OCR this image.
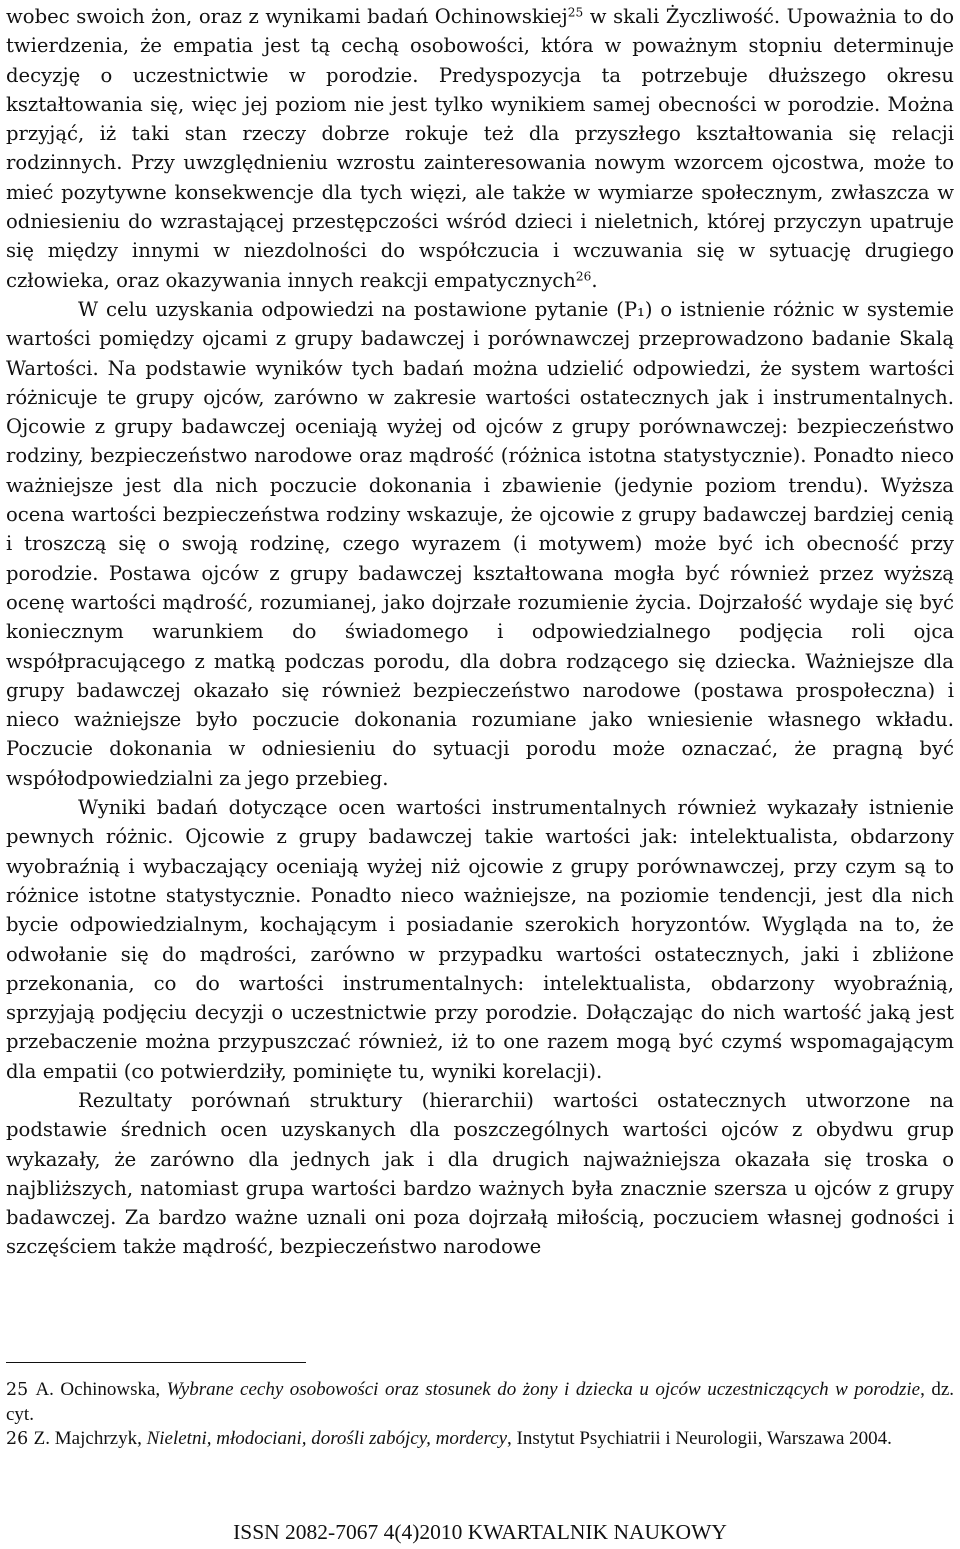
wobec swoich żon, oraz z wynikami badań Ochinowskiej$^{25}$ w skali Życzliwość. Upoważnia to do twierdzenia, że empatia jest tą cechą osobowości, która w poważnym stopniu determinuje decyzję o uczestnictwie w porodzie. Predyspozycja ta potrzebuje dłuższego okresu kształtowania się, więc jej poziom nie jest tylko wynikiem samej obecności w porodzie. Można przyjąć, iż taki stan rzeczy dobrze rokuje też dla przyszłego kształtowania się relacji rodzinnych. Przy uwzględnieniu wzrostu zainteresowania nowym wzorcem ojcostwa, może to mieć pozytywne konsekwencje dla tych więzi, ale także w wymiarze społecznym, zwłaszcza w odniesieniu do wzrastającej przestępczości wśród dzieci i nieletnich, której przyczyn upatruje się między innymi w niezdolności do współczucia i wczuwania się w sytuację drugiego człowieka, oraz okazywania innych reakcji empatycznych$^{26}$.

W celu uzyskania odpowiedzi na postawione pytanie (P₁) o istnienie różnic w systemie wartości pomiędzy ojcami z grupy badawczej i porównawczej przeprowadzono badanie Skalą Wartości. Na podstawie wyników tych badań można udzielić odpowiedzi, że system wartości różnicuje te grupy ojców, zarówno w zakresie wartości ostatecznych jak i instrumentalnych. Ojcowie z grupy badawczej oceniają wyżej od ojców z grupy porównawczej: bezpieczeństwo rodziny, bezpieczeństwo narodowe oraz mądrość (różnica istotna statystycznie). Ponadto nieco ważniejsze jest dla nich poczucie dokonania i zbawienie (jedynie poziom trendu). Wyższa ocena wartości bezpieczeństwa rodziny wskazuje, że ojcowie z grupy badawczej bardziej cenią i troszczą się o swoją rodzinę, czego wyrazem (i motywem) może być ich obecność przy porodzie. Postawa ojców z grupy badawczej kształtowana mogła być również przez wyższą ocenę wartości mądrość, rozumianej, jako dojrzałe rozumienie życia. Dojrzałość wydaje się być koniecznym warunkiem do świadomego i odpowiedzialnego podjęcia roli ojca współpracującego z matką podczas porodu, dla dobra rodzącego się dziecka. Ważniejsze dla grupy badawczej okazało się również bezpieczeństwo narodowe (postawa prospołeczna) i nieco ważniejsze było poczucie dokonania rozumiane jako wniesienie własnego wkładu. Poczucie dokonania w odniesieniu do sytuacji porodu może oznaczać, że pragną być współodpowiedzialni za jego przebieg.

Wyniki badań dotyczące ocen wartości instrumentalnych również wykazały istnienie pewnych różnic. Ojcowie z grupy badawczej takie wartości jak: intelektualista, obdarzony wyobraźnią i wybaczający oceniają wyżej niż ojcowie z grupy porównawczej, przy czym są to różnice istotne statystycznie. Ponadto nieco ważniejsze, na poziomie tendencji, jest dla nich bycie odpowiedzialnym, kochającym i posiadanie szerokich horyzontów. Wygląda na to, że odwołanie się do mądrości, zarówno w przypadku wartości ostatecznych, jaki i zbliżone przekonania, co do wartości instrumentalnych: intelektualista, obdarzony wyobraźnią, sprzyjają podjęciu decyzji o uczestnictwie przy porodzie. Dołączając do nich wartość jaką jest przebaczenie można przypuszczać również, iż to one razem mogą być czymś wspomagającym dla empatii (co potwierdziły, pominięte tu, wyniki korelacji).

Rezultaty porównań struktury (hierarchii) wartości ostatecznych utworzone na podstawie średnich ocen uzyskanych dla poszczególnych wartości ojców z obydwu grup wykazały, że zarówno dla jednych jak i dla drugich najważniejsza okazała się troska o najbliższych, natomiast grupa wartości bardzo ważnych była znacznie szersza u ojców z grupy badawczej. Za bardzo ważne uznali oni poza dojrzałą miłością, poczuciem własnej godności i szczęściem także mądrość, bezpieczeństwo narodowe

25 A. Ochinowska, Wybrane cechy osobowości oraz stosunek do żony i dziecka u ojców uczestniczących w porodzie, dz. cyt.

26 Z. Majchrzyk, Nieletni, młodociani, dorośli zabójcy, mordercy, Instytut Psychiatrii i Neurologii, Warszawa 2004.

ISSN 2082-7067 4(4)2010 KWARTALNIK NAUKOWY
